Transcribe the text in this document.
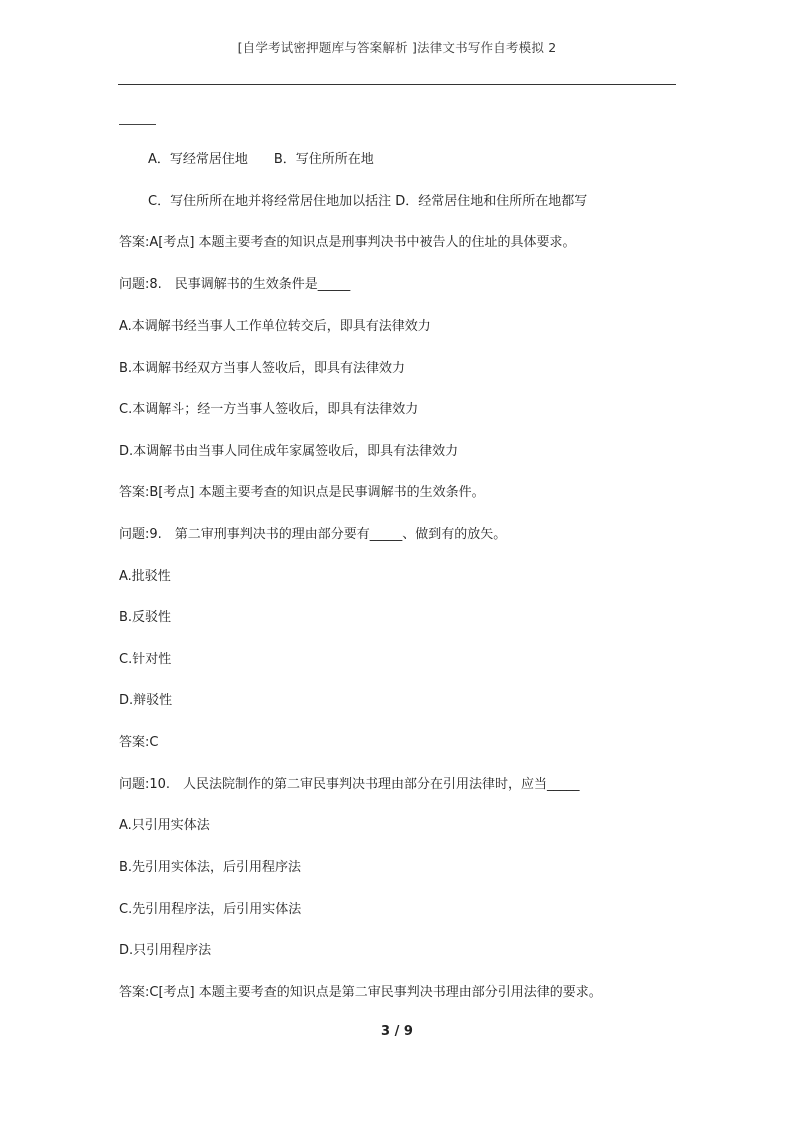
[自学考试密押题库与答案解析 ]法律文书写作自考模拟 2
A．写经常居住地　　B．写住所所在地
C．写住所所在地并将经常居住地加以括注 D．经常居住地和住所所在地都写
答案:A[考点] 本题主要考查的知识点是刑事判决书中被告人的住址的具体要求。
问题:8.　民事调解书的生效条件是_____
A.本调解书经当事人工作单位转交后，即具有法律效力
B.本调解书经双方当事人签收后，即具有法律效力
C.本调解斗；经一方当事人签收后，即具有法律效力
D.本调解书由当事人同住成年家属签收后，即具有法律效力
答案:B[考点] 本题主要考查的知识点是民事调解书的生效条件。
问题:9.　第二审刑事判决书的理由部分要有_____、做到有的放矢。
A.批驳性
B.反驳性
C.针对性
D.辩驳性
答案:C
问题:10.　人民法院制作的第二审民事判决书理由部分在引用法律时，应当_____
A.只引用实体法
B.先引用实体法，后引用程序法
C.先引用程序法，后引用实体法
D.只引用程序法
答案:C[考点] 本题主要考查的知识点是第二审民事判决书理由部分引用法律的要求。
3 / 9
